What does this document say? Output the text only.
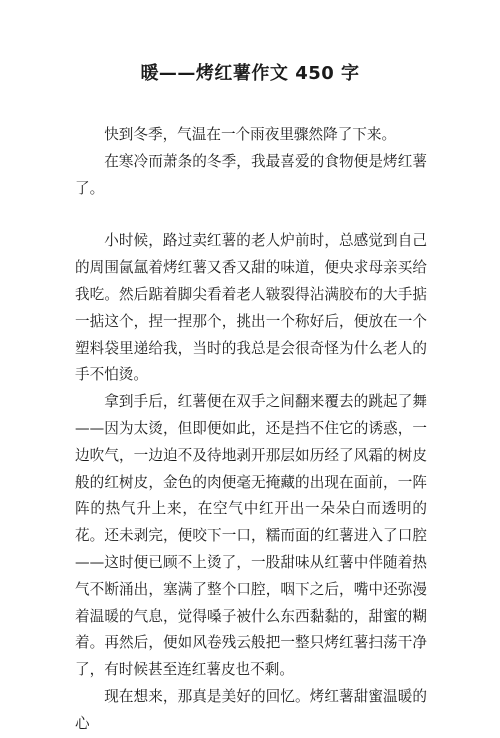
暖——烤红薯作文 450 字

快到冬季，气温在一个雨夜里骤然降了下来。

在寒冷而萧条的冬季，我最喜爱的食物便是烤红薯了。

小时候，路过卖红薯的老人炉前时，总感觉到自己的周围氤氲着烤红薯又香又甜的味道，便央求母亲买给我吃。然后踮着脚尖看着老人皲裂得沾满胶布的大手掂一掂这个，捏一捏那个，挑出一个称好后，便放在一个塑料袋里递给我，当时的我总是会很奇怪为什么老人的手不怕烫。

拿到手后，红薯便在双手之间翻来覆去的跳起了舞——因为太烫，但即便如此，还是挡不住它的诱惑，一边吹气，一边迫不及待地剥开那层如历经了风霜的树皮般的红树皮，金色的肉便毫无掩藏的出现在面前，一阵阵的热气升上来，在空气中红开出一朵朵白而透明的花。还未剥完，便咬下一口，糯而面的红薯进入了口腔——这时便已顾不上烫了，一股甜味从红薯中伴随着热气不断涌出，塞满了整个口腔，咽下之后，嘴中还弥漫着温暖的气息，觉得嗓子被什么东西黏黏的，甜蜜的糊着。再然后，便如风卷残云般把一整只烤红薯扫荡干净了，有时候甚至连红薯皮也不剩。

现在想来，那真是美好的回忆。烤红薯甜蜜温暖的心
